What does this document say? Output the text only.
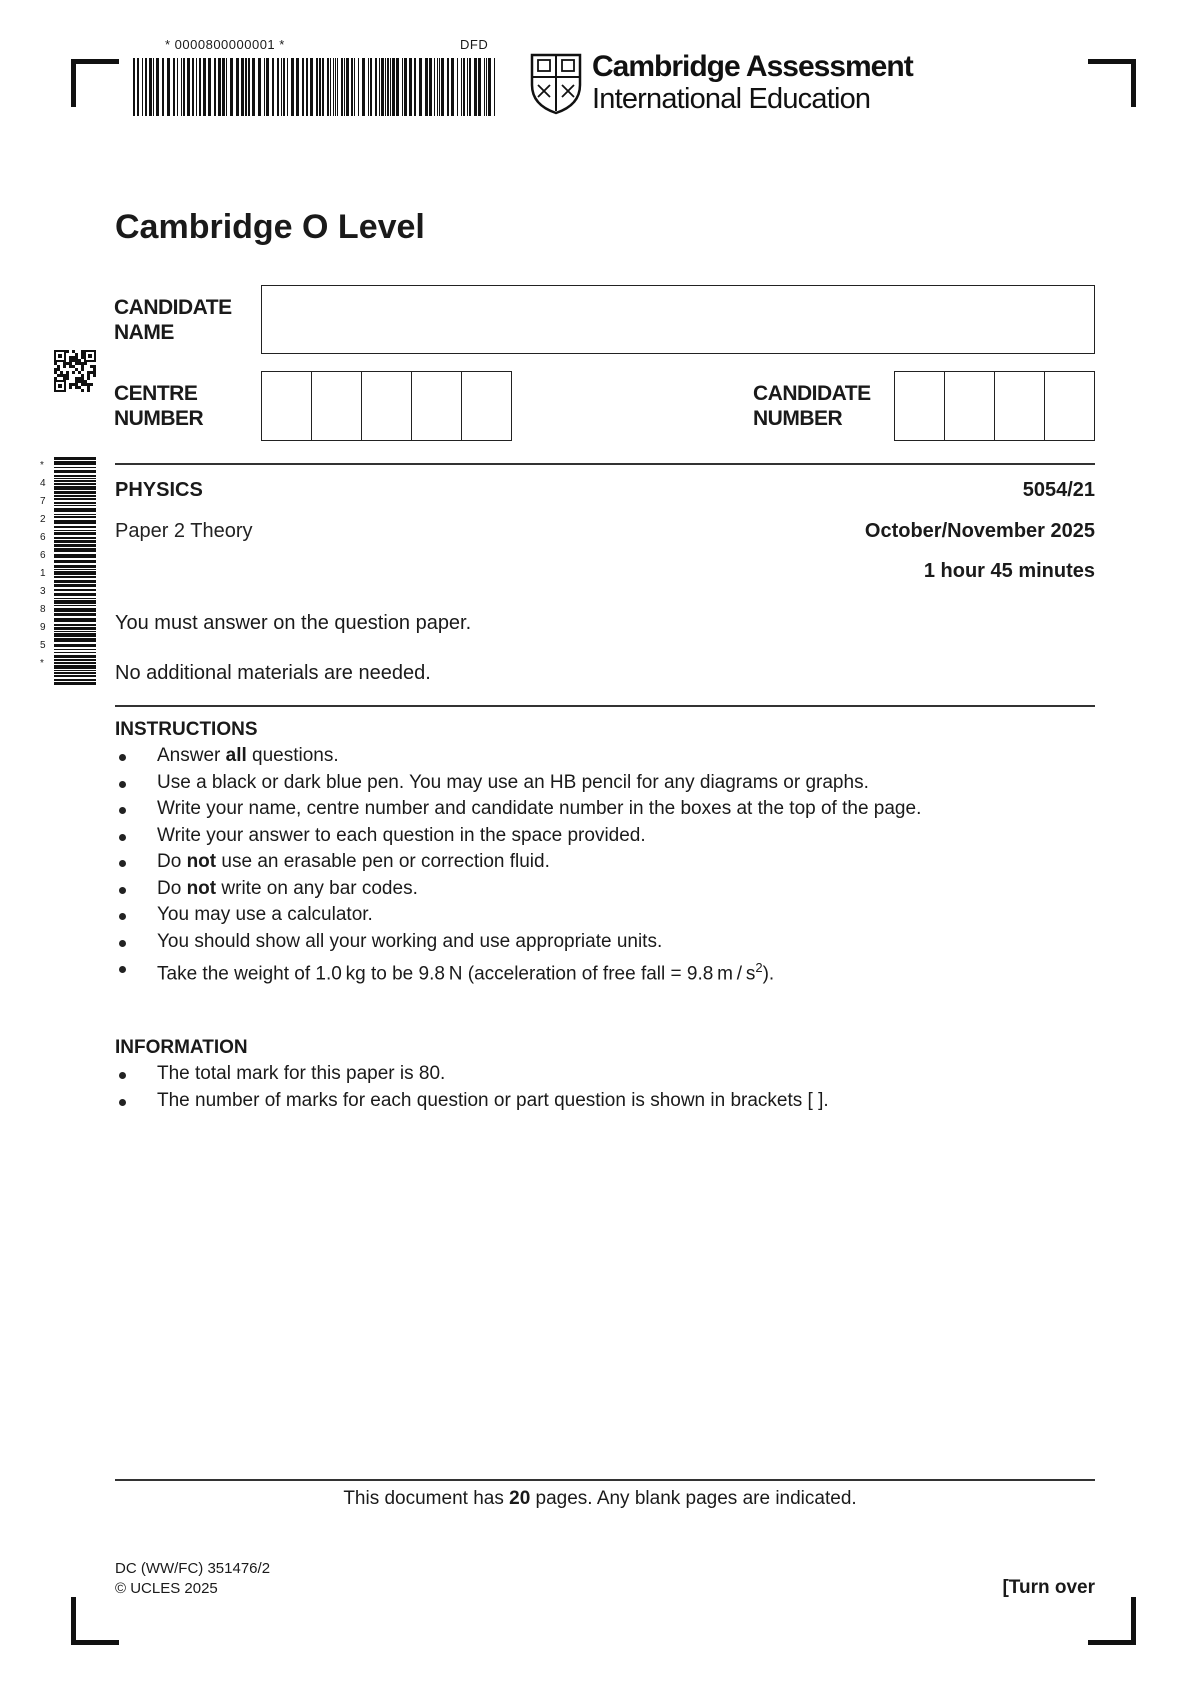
* 0000800000001 *	DFD
Cambridge Assessment
International Education
* 4 7 2 6 6 1 3 8 9 5 *
Cambridge O Level
CANDIDATE
NAME
CENTRE
NUMBER
CANDIDATE
NUMBER
PHYSICS	5054/21
Paper 2 Theory	October/November 2025
1 hour 45 minutes
You must answer on the question paper.
No additional materials are needed.
INSTRUCTIONS
Answer all questions.
Use a black or dark blue pen. You may use an HB pencil for any diagrams or graphs.
Write your name, centre number and candidate number in the boxes at the top of the page.
Write your answer to each question in the space provided.
Do not use an erasable pen or correction fluid.
Do not write on any bar codes.
You may use a calculator.
You should show all your working and use appropriate units.
Take the weight of 1.0 kg to be 9.8 N (acceleration of free fall = 9.8 m / $s^2$).
INFORMATION
The total mark for this paper is 80.
The number of marks for each question or part question is shown in brackets [ ].
This document has 20 pages. Any blank pages are indicated.
DC (WW/FC) 351476/2
© UCLES 2025	[Turn over
